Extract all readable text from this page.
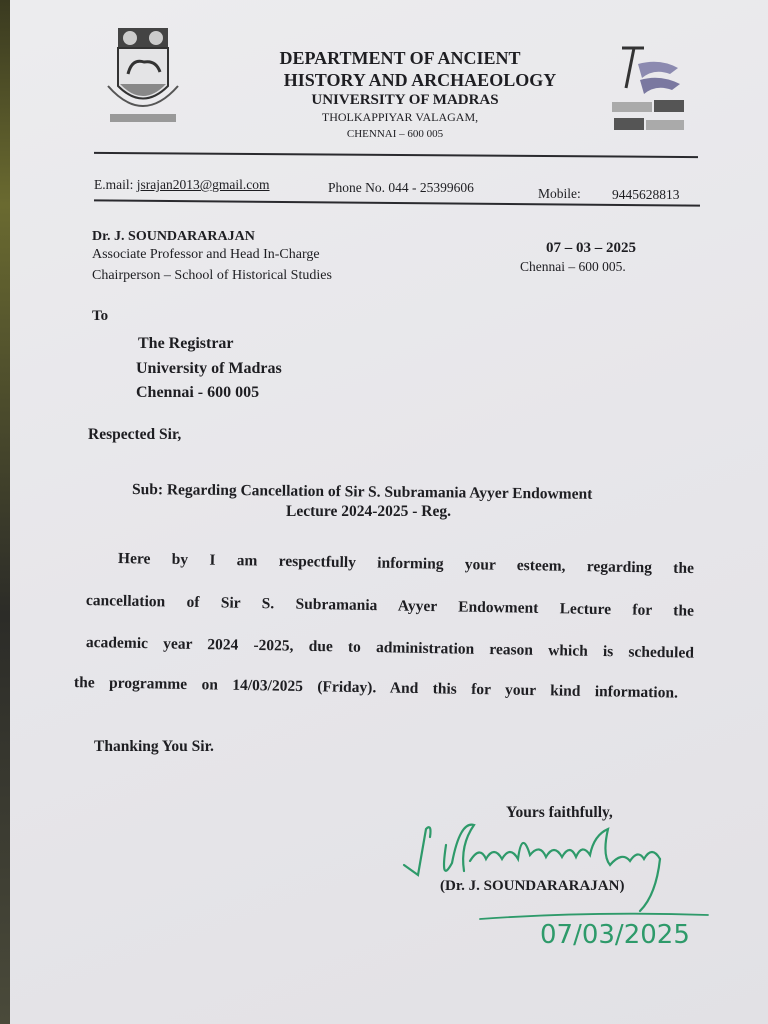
DEPARTMENT OF ANCIENT
HISTORY AND ARCHAEOLOGY
UNIVERSITY OF MADRAS
THOLKAPPIYAR VALAGAM,
CHENNAI – 600 005
E.mail: jsrajan2013@gmail.com	Phone No. 044 - 25399606	Mobile: 9445628813
Dr. J. SOUNDARARAJAN
Associate Professor and Head In-Charge
Chairperson – School of Historical Studies
07 – 03 – 2025
Chennai – 600 005.
To
The Registrar
University of Madras
Chennai - 600 005
Respected Sir,
Sub: Regarding Cancellation of Sir S. Subramania Ayyer Endowment
Lecture 2024-2025 - Reg.
Here by I am respectfully informing your esteem, regarding the
cancellation of Sir S. Subramania Ayyer Endowment Lecture for the
academic year 2024 -2025, due to administration reason which is scheduled
the programme on 14/03/2025 (Friday). And this for your kind information.
Thanking You Sir.
Yours faithfully,
07/03/2025
(Dr. J. SOUNDARARAJAN)
